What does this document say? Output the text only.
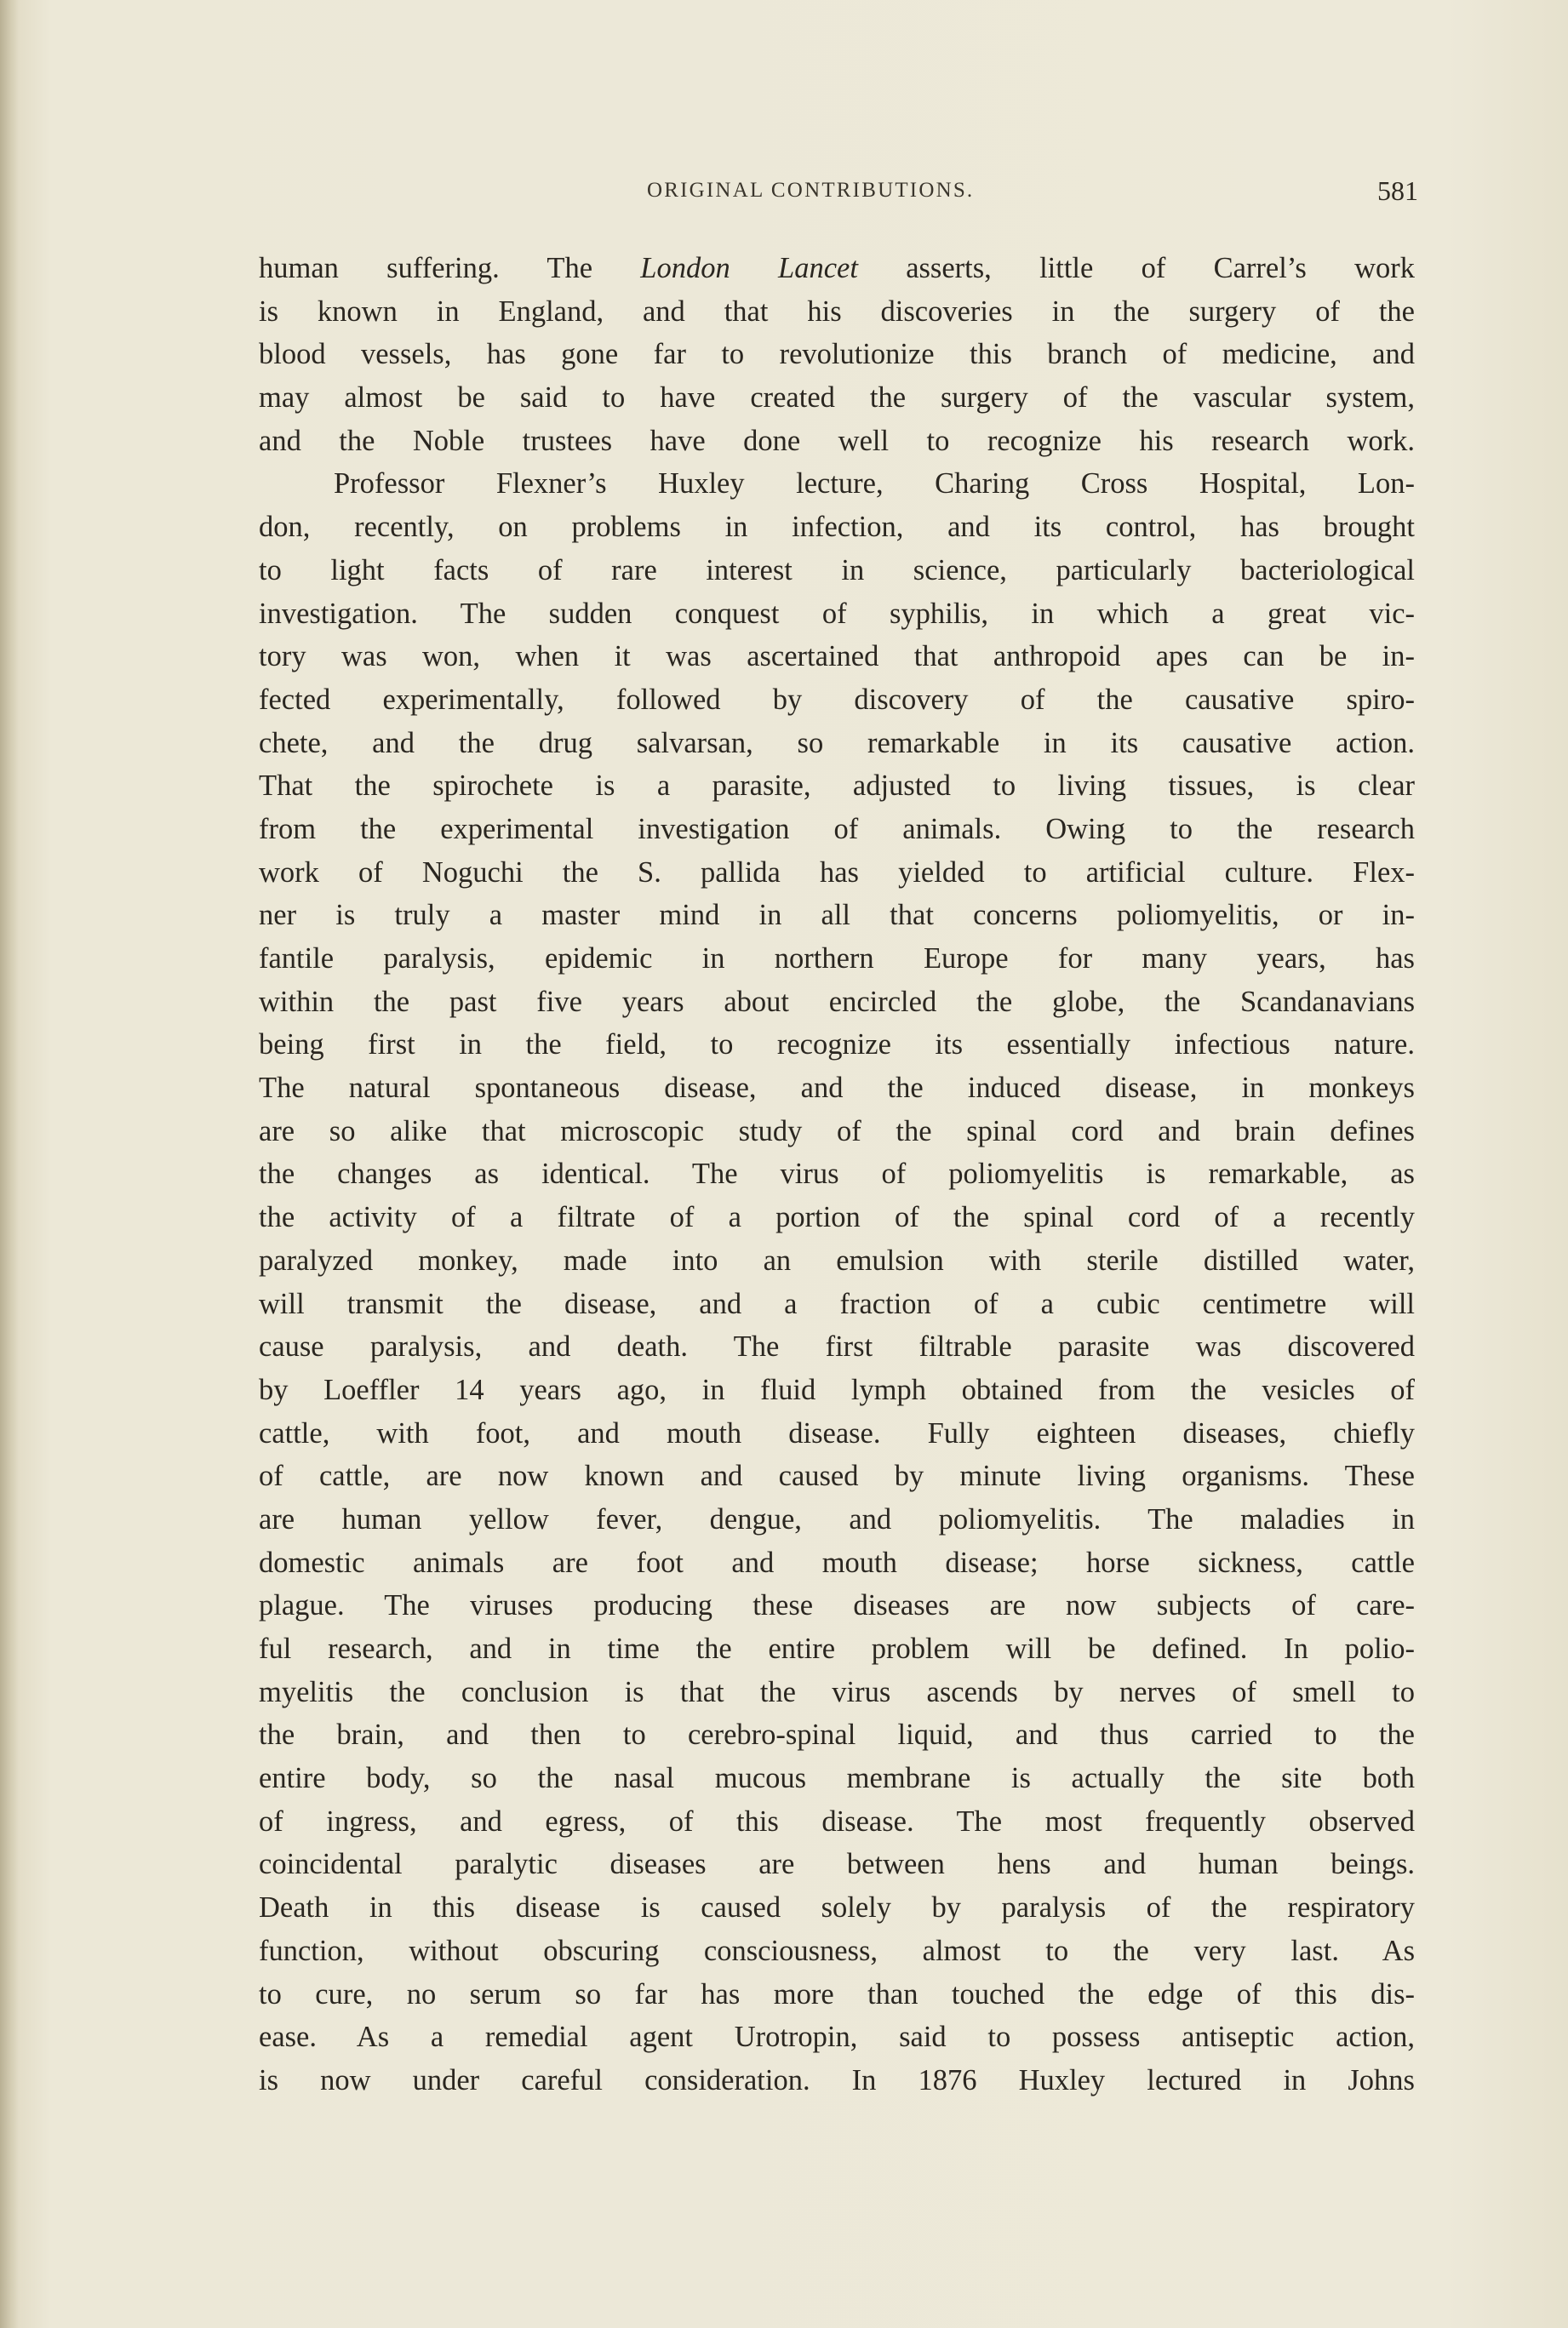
ORIGINAL CONTRIBUTIONS.	581
human suffering. The London Lancet asserts, little of Carrel’s work
is known in England, and that his discoveries in the surgery of the
blood vessels, has gone far to revolutionize this branch of medicine, and
may almost be said to have created the surgery of the vascular system,
and the Noble trustees have done well to recognize his research work.
Professor Flexner’s Huxley lecture, Charing Cross Hospital, Lon-
don, recently, on problems in infection, and its control, has brought
to light facts of rare interest in science, particularly bacteriological
investigation. The sudden conquest of syphilis, in which a great vic-
tory was won, when it was ascertained that anthropoid apes can be in-
fected experimentally, followed by discovery of the causative spiro-
chete, and the drug salvarsan, so remarkable in its causative action.
That the spirochete is a parasite, adjusted to living tissues, is clear
from the experimental investigation of animals. Owing to the research
work of Noguchi the S. pallida has yielded to artificial culture. Flex-
ner is truly a master mind in all that concerns poliomyelitis, or in-
fantile paralysis, epidemic in northern Europe for many years, has
within the past five years about encircled the globe, the Scandanavians
being first in the field, to recognize its essentially infectious nature.
The natural spontaneous disease, and the induced disease, in monkeys
are so alike that microscopic study of the spinal cord and brain defines
the changes as identical. The virus of poliomyelitis is remarkable, as
the activity of a filtrate of a portion of the spinal cord of a recently
paralyzed monkey, made into an emulsion with sterile distilled water,
will transmit the disease, and a fraction of a cubic centimetre will
cause paralysis, and death. The first filtrable parasite was discovered
by Loeffler 14 years ago, in fluid lymph obtained from the vesicles of
cattle, with foot, and mouth disease. Fully eighteen diseases, chiefly
of cattle, are now known and caused by minute living organisms. These
are human yellow fever, dengue, and poliomyelitis. The maladies in
domestic animals are foot and mouth disease; horse sickness, cattle
plague. The viruses producing these diseases are now subjects of care-
ful research, and in time the entire problem will be defined. In polio-
myelitis the conclusion is that the virus ascends by nerves of smell to
the brain, and then to cerebro-spinal liquid, and thus carried to the
entire body, so the nasal mucous membrane is actually the site both
of ingress, and egress, of this disease. The most frequently observed
coincidental paralytic diseases are between hens and human beings.
Death in this disease is caused solely by paralysis of the respiratory
function, without obscuring consciousness, almost to the very last. As
to cure, no serum so far has more than touched the edge of this dis-
ease. As a remedial agent Urotropin, said to possess antiseptic action,
is now under careful consideration. In 1876 Huxley lectured in Johns
